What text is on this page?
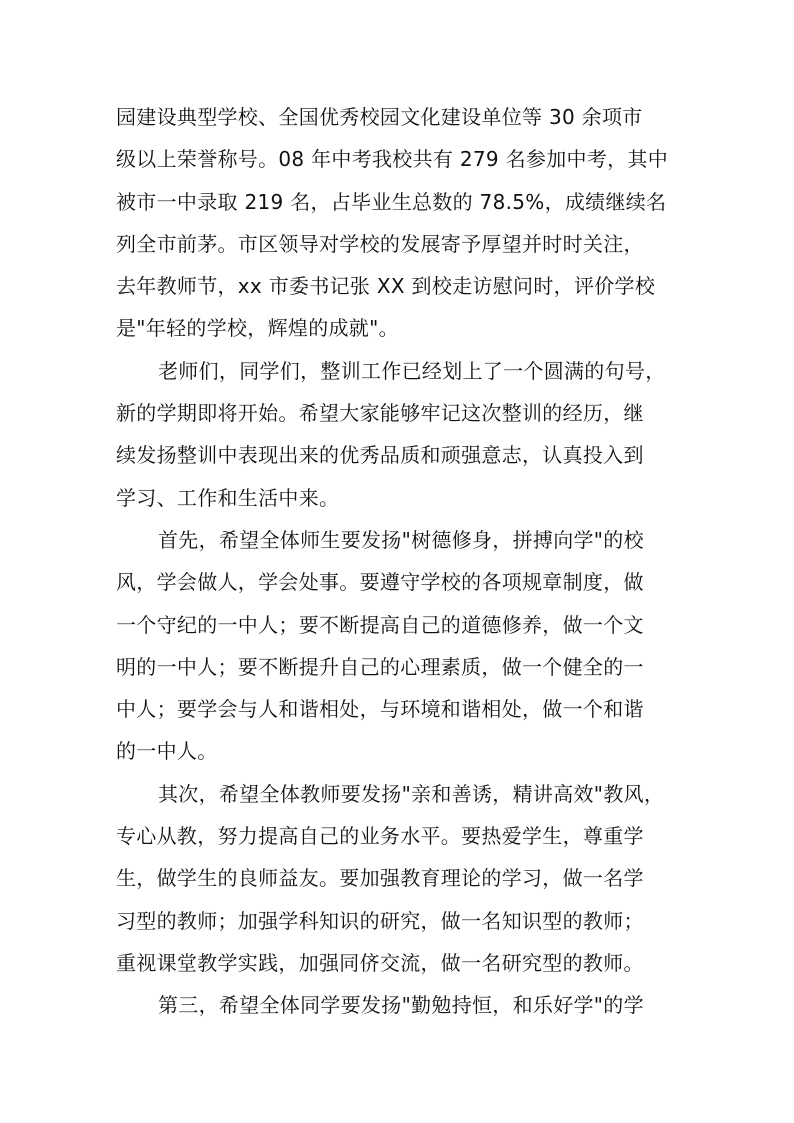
园建设典型学校、全国优秀校园文化建设单位等 30 余项市
级以上荣誉称号。08 年中考我校共有 279 名参加中考，其中
被市一中录取 219 名，占毕业生总数的 78.5%，成绩继续名
列全市前茅。市区领导对学校的发展寄予厚望并时时关注，
去年教师节，xx 市委书记张 XX 到校走访慰问时，评价学校
是"年轻的学校，辉煌的成就"。
老师们，同学们，整训工作已经划上了一个圆满的句号，
新的学期即将开始。希望大家能够牢记这次整训的经历，继
续发扬整训中表现出来的优秀品质和顽强意志，认真投入到
学习、工作和生活中来。
首先，希望全体师生要发扬"树德修身，拼搏向学"的校
风，学会做人，学会处事。要遵守学校的各项规章制度，做
一个守纪的一中人；要不断提高自己的道德修养，做一个文
明的一中人；要不断提升自己的心理素质，做一个健全的一
中人；要学会与人和谐相处，与环境和谐相处，做一个和谐
的一中人。
其次，希望全体教师要发扬"亲和善诱，精讲高效"教风，
专心从教，努力提高自己的业务水平。要热爱学生，尊重学
生，做学生的良师益友。要加强教育理论的学习，做一名学
习型的教师；加强学科知识的研究，做一名知识型的教师；
重视课堂教学实践，加强同侪交流，做一名研究型的教师。
第三，希望全体同学要发扬"勤勉持恒，和乐好学"的学
